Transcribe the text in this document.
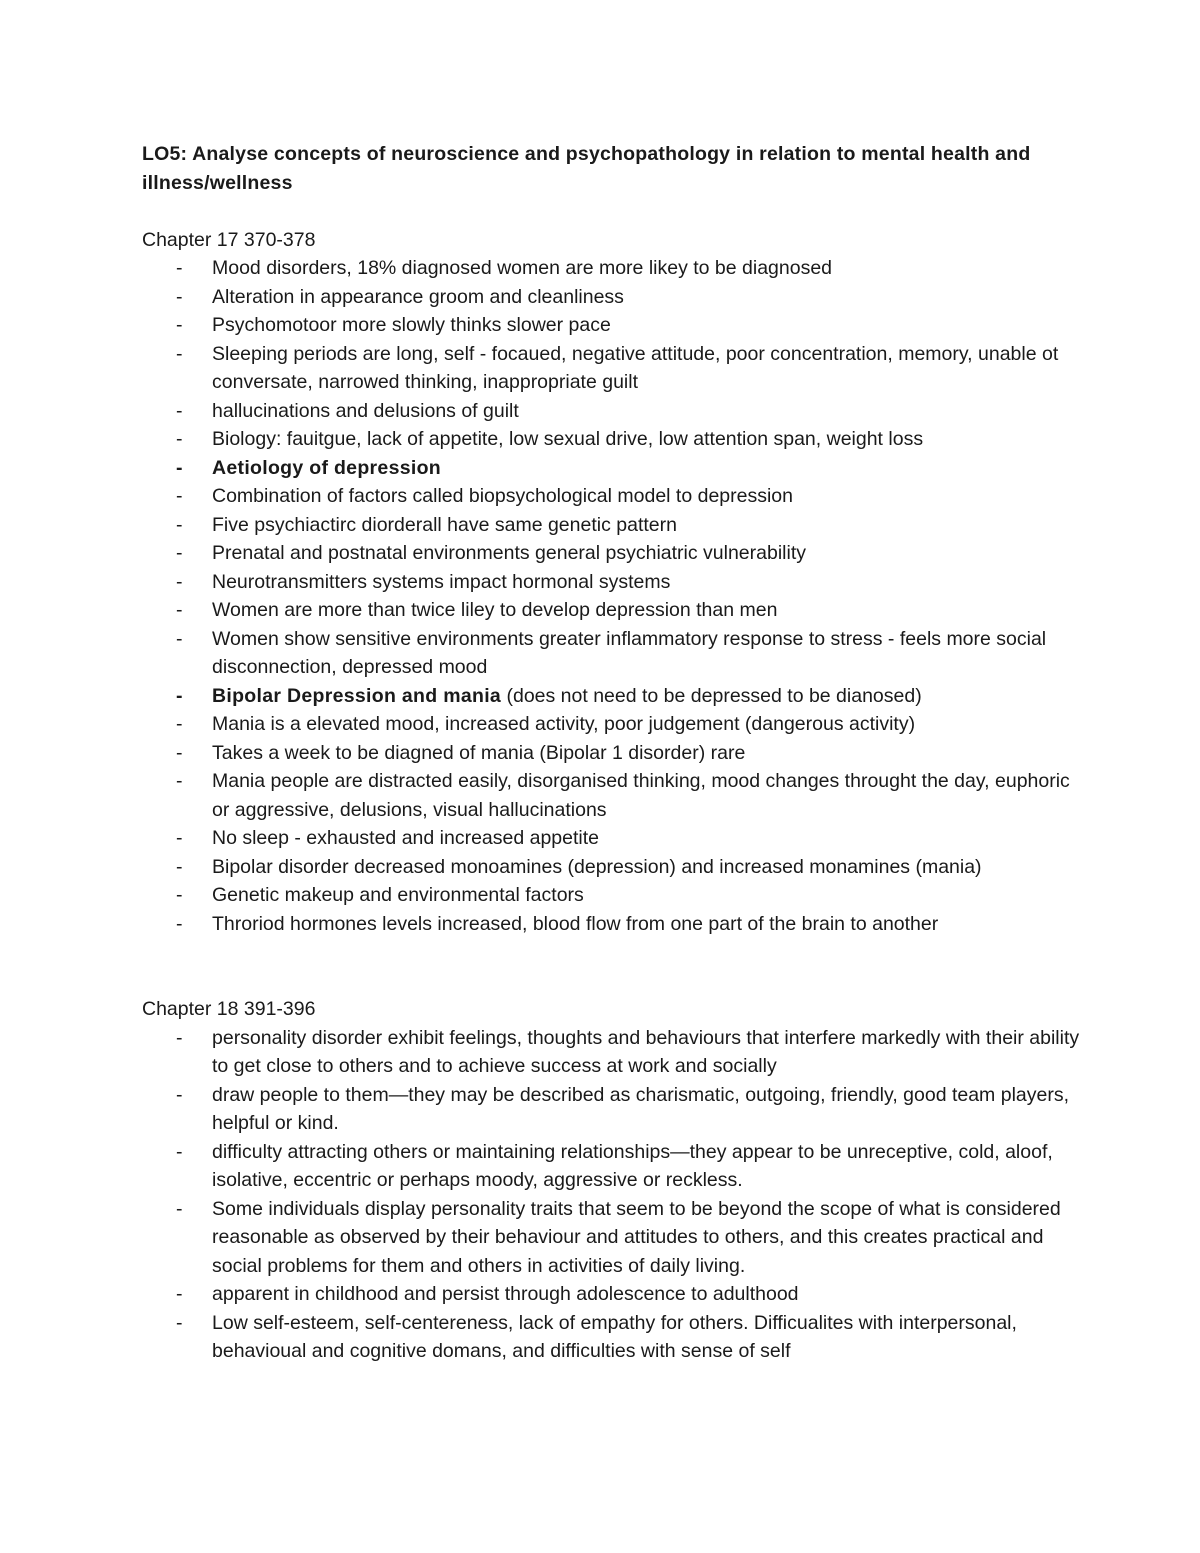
LO5: Analyse concepts of neuroscience and psychopathology in relation to mental health and illness/wellness

Chapter 17 370-378

- Mood disorders, 18% diagnosed women are more likey to be diagnosed
- Alteration in appearance groom and cleanliness
- Psychomotoor more slowly thinks slower pace
- Sleeping periods are long, self - focaued, negative attitude, poor concentration, memory, unable ot conversate, narrowed thinking, inappropriate guilt
- hallucinations and delusions of guilt
- Biology: fauitgue, lack of appetite, low sexual drive, low attention span, weight loss
- Aetiology of depression
- Combination of factors called biopsychological model to depression
- Five psychiactirc diorderall have same genetic pattern
- Prenatal and postnatal environments general psychiatric vulnerability
- Neurotransmitters systems impact hormonal systems
- Women are more than twice liley to develop depression than men
- Women show sensitive environments greater inflammatory response to stress - feels more social disconnection, depressed mood
- Bipolar Depression and mania (does not need to be depressed to be dianosed)
- Mania is a elevated mood, increased activity, poor judgement (dangerous activity)
- Takes a week to be diagned of mania (Bipolar 1 disorder) rare
- Mania people are distracted easily, disorganised thinking, mood changes throught the day, euphoric or aggressive, delusions, visual hallucinations
- No sleep - exhausted and increased appetite
- Bipolar disorder decreased monoamines (depression) and increased monamines (mania)
- Genetic makeup and environmental factors
- Throriod hormones levels increased, blood flow from one part of the brain to another

Chapter 18 391-396

- personality disorder exhibit feelings, thoughts and behaviours that interfere markedly with their ability to get close to others and to achieve success at work and socially
- draw people to them—they may be described as charismatic, outgoing, friendly, good team players, helpful or kind.
- difficulty attracting others or maintaining relationships—they appear to be unreceptive, cold, aloof, isolative, eccentric or perhaps moody, aggressive or reckless.
- Some individuals display personality traits that seem to be beyond the scope of what is considered reasonable as observed by their behaviour and attitudes to others, and this creates practical and social problems for them and others in activities of daily living.
- apparent in childhood and persist through adolescence to adulthood
- Low self-esteem, self-centereness, lack of empathy for others. Difficualites with interpersonal, behavioual and cognitive domans, and difficulties with sense of self
